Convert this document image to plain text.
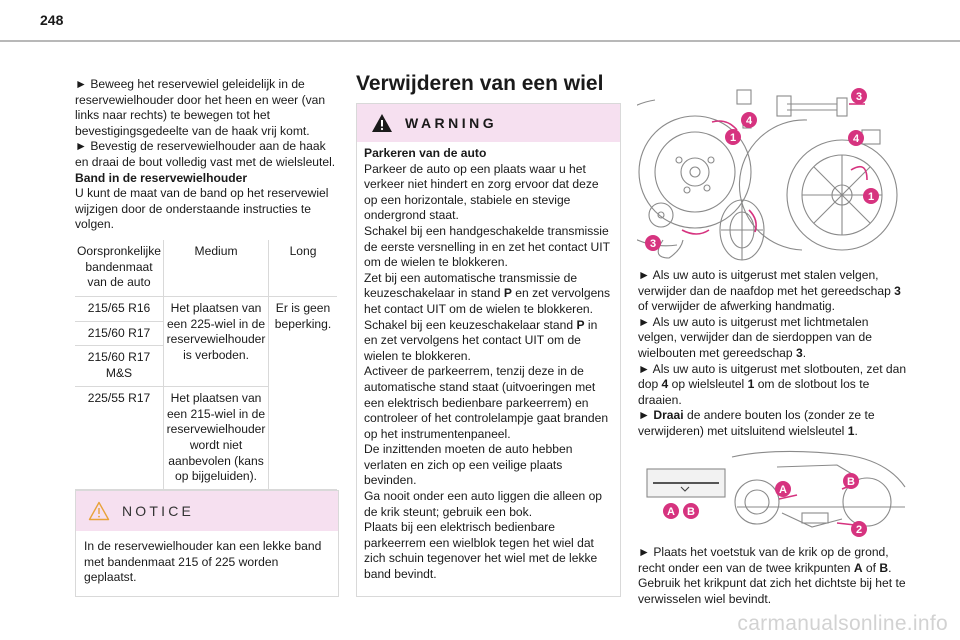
248

► Beweeg het reservewiel geleidelijk in de reservewielhouder door het heen en weer (van links naar rechts) te bewegen tot het bevestigingsgedeelte van de haak vrij komt.

► Bevestig de reservewielhouder aan de haak en draai de bout volledig vast met de wielsleutel.

Band in de reservewielhouder

U kunt de maat van de band op het reservewiel wijzigen door de onderstaande instructies te volgen.

Oorspronkelijke bandenmaat van de auto	Medium	Long
215/65 R16	Het plaatsen van een 225-wiel in de reservewielhouder is verboden.	Er is geen beperking.
215/60 R17		
215/60 R17 M&S		
225/55 R17	Het plaatsen van een 215-wiel in de reservewielhouder wordt niet aanbevolen (kans op bijgeluiden).	
NOTICE
In de reservewielhouder kan een lekke band met bandenmaat 215 of 225 worden geplaatst.
Verwijderen van een wiel
WARNING
Parkeren van de auto
Parkeer de auto op een plaats waar u het verkeer niet hindert en zorg ervoor dat deze op een horizontale, stabiele en stevige ondergrond staat.
Schakel bij een handgeschakelde transmissie de eerste versnelling in en zet het contact UIT om de wielen te blokkeren.
Zet bij een automatische transmissie de keuzeschakelaar in stand P en zet vervolgens het contact UIT om de wielen te blokkeren.
Schakel bij een keuzeschakelaar stand P in en zet vervolgens het contact UIT om de wielen te blokkeren.
Activeer de parkeerrem, tenzij deze in de automatische stand staat (uitvoeringen met een elektrisch bedienbare parkeerrem) en controleer of het controlelampje gaat branden op het instrumentenpaneel.
De inzittenden moeten de auto hebben verlaten en zich op een veilige plaats bevinden.
Ga nooit onder een auto liggen die alleen op de krik steunt; gebruik een bok.
Plaats bij een elektrisch bedienbare parkeerrem een wielblok tegen het wiel dat zich schuin tegenover het wiel met de lekke band bevindt.
1
4
3
3
4
1

► Als uw auto is uitgerust met stalen velgen, verwijder dan de naafdop met het gereedschap 3 of verwijder de afwerking handmatig.

► Als uw auto is uitgerust met lichtmetalen velgen, verwijder dan de sierdoppen van de wielbouten met gereedschap 3.

► Als uw auto is uitgerust met slotbouten, zet dan dop 4 op wielsleutel 1 om de slotbout los te draaien.

► Draai de andere bouten los (zonder ze te verwijderen) met uitsluitend wielsleutel 1.

A B
A
B
2

► Plaats het voetstuk van de krik op de grond, recht onder een van de twee krikpunten A of B. Gebruik het krikpunt dat zich het dichtste bij het te verwisselen wiel bevindt.

carmanualsonline.info
